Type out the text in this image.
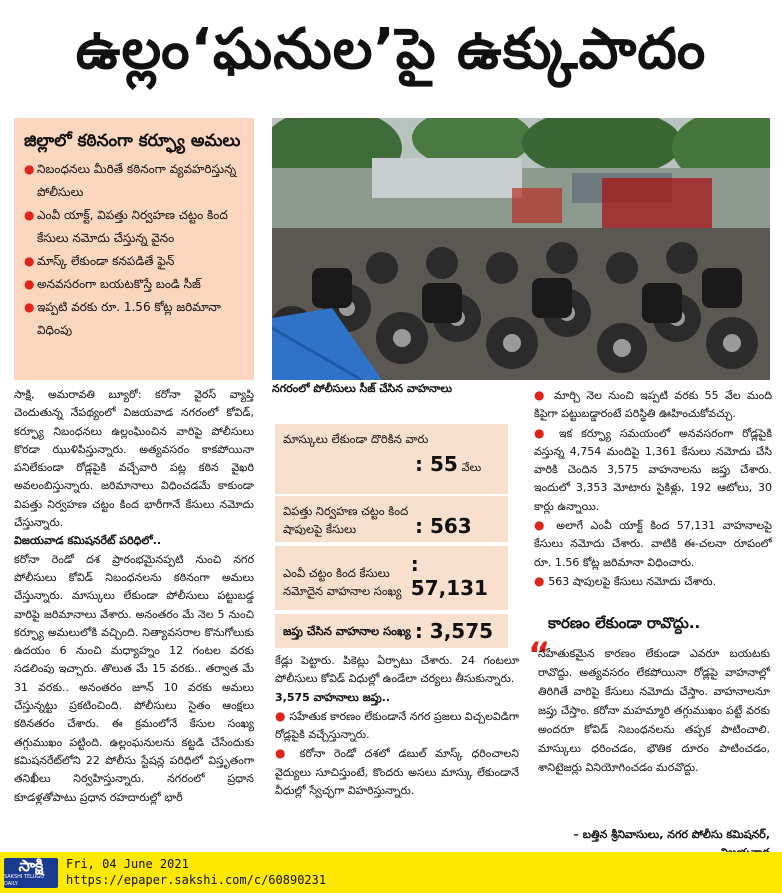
ఉల్లం‘ఘనుల’పై ఉక్కుపాదం
జిల్లాలో కఠినంగా కర్ఫ్యూ అమలు
● నిబంధనలు మీరితే కఠినంగా వ్యవహరిస్తున్న పోలీసులు
● ఎంవీ యాక్ట్, విపత్తు నిర్వహణ చట్టం కింద కేసులు నమోదు చేస్తున్న వైనం
● మాస్క్ లేకుండా కనపడితే ఫైన్
● అనవసరంగా బయటకొస్తే బండి సీజ్
● ఇప్పటి వరకు రూ. 1.56 కోట్ల జరిమానా విధింపు
నగరంలో పోలీసులు సీజ్ చేసిన వాహనాలు
సాక్షి, అమరావతి బ్యూరో: కరోనా వైరస్ వ్యాప్తి చెందుతున్న నేపథ్యంలో విజయవాడ నగరంలో కోవిడ్, కర్ఫ్యూ నిబంధనలు ఉల్లంఘించిన వారిపై పోలీసులు కొరడా ఝుళిపిస్తున్నారు. అత్యవసరం కాకపోయినా పనిలేకుండా రోడ్లపైకి వచ్చేవారి పట్ల కఠిన వైఖరి అవలంబిస్తున్నారు. జరిమానాలు విధించడమే కాకుండా విపత్తు నిర్వహణ చట్టం కింద భారీగానే కేసులు నమోదు చేస్తున్నారు.
విజయవాడ కమిషనరేట్ పరిధిలో..
కరోనా రెండో దశ ప్రారంభమైనప్పటి నుంచి నగర పోలీసులు కోవిడ్ నిబంధనలను కఠినంగా అమలు చేస్తున్నారు. మాస్కులు లేకుండా పోలీసులు పట్టుబడ్డ వారిపై జరిమానాలు వేశారు. అనంతరం మే నెల 5 నుంచి కర్ఫ్యూ అమలులోకి వచ్చింది. నిత్యావసరాల కొనుగోలుకు ఉదయం 6 నుంచి మధ్యాహ్నం 12 గంటల వరకు సడలింపు ఇచ్చారు. తొలుత మే 15 వరకు.. తర్వాత మే 31 వరకు.. అనంతరం జూన్ 10 వరకు అమలు చేస్తున్నట్టు ప్రకటించింది. పోలీసులు సైతం ఆంక్షలు కఠినతరం చేశారు. ఈ క్రమంలోనే కేసుల సంఖ్య తగ్గుముఖం పట్టింది. ఉల్లంఘనులను కట్టడి చేసేందుకు కమిషనరేట్‌లోని 22 పోలీసు స్టేషన్ల పరిధిలో విస్తృతంగా తనిఖీలు నిర్వహిస్తున్నారు. నగరంలో ప్రధాన కూడళ్లతోపాటు ప్రధాన రహదారుల్లో భారీ
మాస్కులు లేకుండా దొరికిన వారు
: 55 వేలు
విపత్తు నిర్వహణ చట్టం కింద షాపులపై కేసులు	: 563
ఎంవీ చట్టం కింద కేసులు నమోదైన వాహనాల సంఖ్య
: 57,131
జప్తు చేసిన వాహనాల సంఖ్య : 3,575
కేడ్లు పెట్టారు. పికెట్లు ఏర్పాటు చేశారు. 24 గంటలూ పోలీసులు కోవిడ్ విధుల్లో ఉండేలా చర్యలు తీసుకున్నారు.
3,575 వాహనాలు జప్తు..
● సహేతుక కారణం లేకుండానే నగర ప్రజలు విచ్చలవిడిగా రోడ్లపైకి వచ్చేస్తున్నారు.
● కరోనా రెండో దశలో డబుల్ మాస్క్ ధరించాలని వైద్యులు సూచిస్తుంటే, కొందరు అసలు మాస్కు లేకుండానే వీధుల్లో స్వేచ్ఛగా విహరిస్తున్నారు.
● మార్చి నెల నుంచి ఇప్పటి వరకు 55 వేల మంది కిపైగా పట్టుబడ్డారంటే పరిస్థితి ఊహించుకోవచ్చు.
● ఇక కర్ఫ్యూ సమయంలో అనవసరంగా రోడ్లపైకి వస్తున్న 4,754 మందిపై 1,361 కేసులు నమోదు చేసి వారికి చెందిన 3,575 వాహనాలను జప్తు చేశారు. ఇందులో 3,353 మోటారు సైకిళ్లు, 192 ఆటోలు, 30 కార్లు ఉన్నాయి.
● అలాగే ఎంవీ యాక్ట్ కింద 57,131 వాహనాలపై కేసులు నమోదు చేశారు. వాటికి ఈ-చలనా రూపంలో రూ. 1.56 కోట్ల జరిమానా విధించారు.
● 563 షాపులపై కేసులు నమోదు చేశారు.
కారణం లేకుండా రావొద్దు..
“
సహేతుకమైన కారణం లేకుండా ఎవరూ బయటకు రావొద్దు. అత్యవసరం లేకపోయినా రోడ్లపై వాహనాల్లో తిరిగితే వారిపై కేసులు నమోదు చేస్తాం. వాహనాలనూ జప్తు చేస్తాం. కరోనా మహమ్మారి తగ్గుముఖం పట్టే వరకు అందరూ కోవిడ్ నిబంధనలను తప్పక పాటించాలి. మాస్కులు ధరించడం, భౌతిక దూరం పాటించడం, శానిటైజర్లు వినియోగించడం మరవొద్దు.
– బత్తిన శ్రీనివాసులు, నగర పోలీసు కమిషనర్,
సాక్షి
SAKSHI TELUGU DAILY
Fri, 04 June 2021
https://epaper.sakshi.com/c/60890231
